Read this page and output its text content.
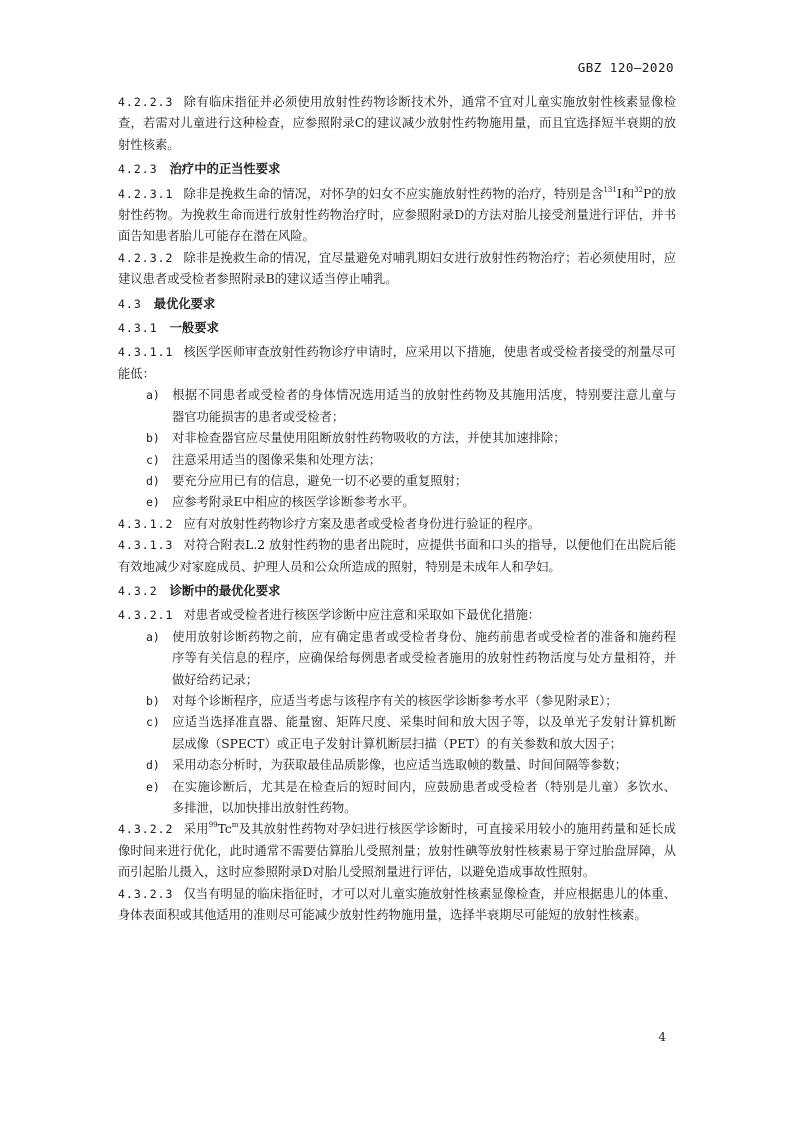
GBZ 120—2020

4.2.2.3 除有临床指征并必须使用放射性药物诊断技术外，通常不宜对儿童实施放射性核素显像检查，若需对儿童进行这种检查，应参照附录C的建议减少放射性药物施用量，而且宜选择短半衰期的放射性核素。

4.2.3 治疗中的正当性要求

4.2.3.1 除非是挽救生命的情况，对怀孕的妇女不应实施放射性药物的治疗，特别是含$^{131}$I和$^{32}$P的放射性药物。为挽救生命而进行放射性药物治疗时，应参照附录D的方法对胎儿接受剂量进行评估，并书面告知患者胎儿可能存在潜在风险。

4.2.3.2 除非是挽救生命的情况，宜尽量避免对哺乳期妇女进行放射性药物治疗；若必须使用时，应建议患者或受检者参照附录B的建议适当停止哺乳。

4.3 最优化要求
4.3.1 一般要求

4.3.1.1 核医学医师审查放射性药物诊疗申请时，应采用以下措施，使患者或受检者接受的剂量尽可能低：

a) 根据不同患者或受检者的身体情况选用适当的放射性药物及其施用活度，特别要注意儿童与器官功能损害的患者或受检者；

b) 对非检查器官应尽量使用阻断放射性药物吸收的方法，并使其加速排除；

c) 注意采用适当的图像采集和处理方法；

d) 要充分应用已有的信息，避免一切不必要的重复照射；

e) 应参考附录E中相应的核医学诊断参考水平。

4.3.1.2 应有对放射性药物诊疗方案及患者或受检者身份进行验证的程序。

4.3.1.3 对符合附表L.2 放射性药物的患者出院时，应提供书面和口头的指导，以便他们在出院后能有效地减少对家庭成员、护理人员和公众所造成的照射，特别是未成年人和孕妇。

4.3.2 诊断中的最优化要求

4.3.2.1 对患者或受检者进行核医学诊断中应注意和采取如下最优化措施：

a) 使用放射诊断药物之前，应有确定患者或受检者身份、施药前患者或受检者的准备和施药程序等有关信息的程序，应确保给每例患者或受检者施用的放射性药物活度与处方量相符，并做好给药记录；

b) 对每个诊断程序，应适当考虑与该程序有关的核医学诊断参考水平（参见附录E）；

c) 应适当选择准直器、能量窗、矩阵尺度、采集时间和放大因子等，以及单光子发射计算机断层成像（SPECT）或正电子发射计算机断层扫描（PET）的有关参数和放大因子；

d) 采用动态分析时，为获取最佳品质影像，也应适当选取帧的数量、时间间隔等参数；

e) 在实施诊断后，尤其是在检查后的短时间内，应鼓励患者或受检者（特别是儿童）多饮水、多排泄，以加快排出放射性药物。

4.3.2.2 采用$^{99}$Tc$^m$及其放射性药物对孕妇进行核医学诊断时，可直接采用较小的施用药量和延长成像时间来进行优化，此时通常不需要估算胎儿受照剂量；放射性碘等放射性核素易于穿过胎盘屏障，从而引起胎儿摄入，这时应参照附录D对胎儿受照剂量进行评估，以避免造成事故性照射。

4.3.2.3 仅当有明显的临床指征时，才可以对儿童实施放射性核素显像检查，并应根据患儿的体重、身体表面积或其他适用的准则尽可能减少放射性药物施用量，选择半衰期尽可能短的放射性核素。

4
